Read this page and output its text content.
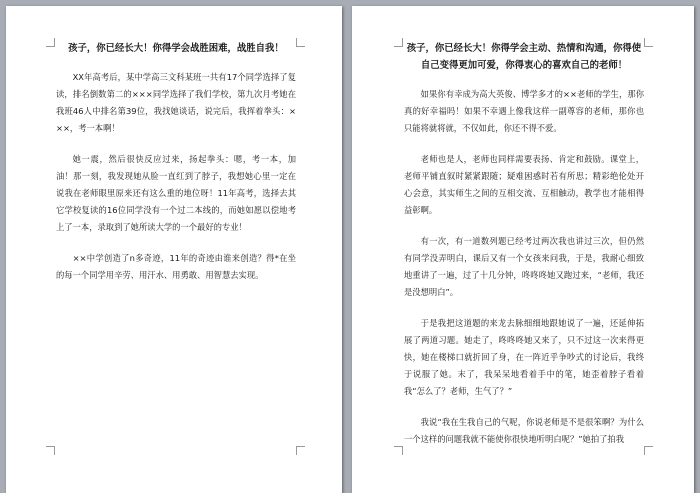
孩子，你已经长大！你得学会战胜困难，战胜自我！

XX年高考后，某中学高三文科某班一共有17个同学选择了复读，排名倒数第二的×××同学选择了我们学校，第九次月考她在我班46人中排名第39位，我找她谈话，说完后，我挥着拳头：×××，考一本啊！

她一震，然后很快反应过来，扬起拳头：嗯，考一本，加油！那一刻，我发现她从脸一直红到了脖子，我想她心里一定在说我在老师眼里原来还有这么重的地位呀！11年高考，选择去其它学校复读的16位同学没有一个过二本线的，而她如愿以偿地考上了一本，录取到了她所读大学的一个最好的专业！

××中学创造了n多奇迹，11年的奇迹由谁来创造？得*在坐的每一个同学用辛劳、用汗水、用勇敢、用智慧去实现。

孩子，你已经长大！你得学会主动、热情和沟通，你得使自己变得更加可爱，你得衷心的喜欢自己的老师！

如果你有幸成为高大英俊、博学多才的××老师的学生，那你真的好幸福吗！如果不幸遇上像我这样一副尊容的老师，那你也只能将就将就，不仅如此，你还不得不爱。

老师也是人，老师也同样需要表扬、肯定和鼓励。课堂上，老师平铺直叙时紧紧跟随；疑难困惑时若有所思；精彩绝伦处开心会意，其实师生之间的互相交流、互相触动，教学也才能相得益彰啊。

有一次，有一道数列题已经考过两次我也讲过三次，但仍然有同学没弄明白，课后又有一个女孩来问我，于是，我耐心细致地重讲了一遍，过了十几分钟，咚咚咚她又跑过来，“老师，我还是没想明白”。

于是我把这道题的来龙去脉细细地跟她说了一遍，还延伸拓展了两道习题。她走了，咚咚咚她又来了，只不过这一次来得更快，她在楼梯口就折回了身，在一阵近乎争吵式的讨论后，我终于说服了她。末了，我呆呆地看着手中的笔，她歪着脖子看着我“怎么了？老师，生气了？”

我说“我在生我自己的气呢，你说老师是不是很笨啊？为什么一个这样的问题我就不能使你很快地听明白呢？”她拍了拍我
